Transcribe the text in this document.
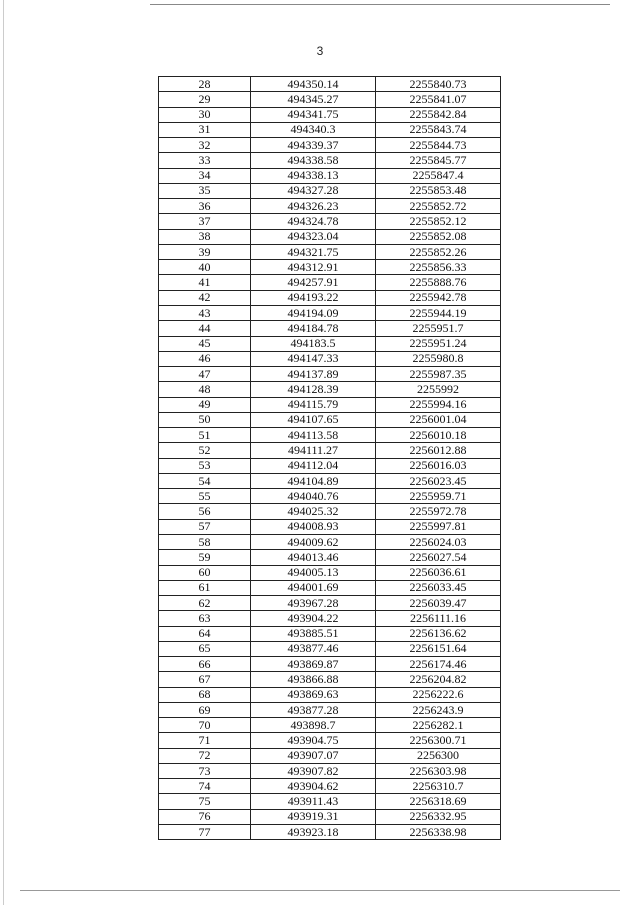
3
28	494350.14	2255840.73
29	494345.27	2255841.07
30	494341.75	2255842.84
31	494340.3	2255843.74
32	494339.37	2255844.73
33	494338.58	2255845.77
34	494338.13	2255847.4
35	494327.28	2255853.48
36	494326.23	2255852.72
37	494324.78	2255852.12
38	494323.04	2255852.08
39	494321.75	2255852.26
40	494312.91	2255856.33
41	494257.91	2255888.76
42	494193.22	2255942.78
43	494194.09	2255944.19
44	494184.78	2255951.7
45	494183.5	2255951.24
46	494147.33	2255980.8
47	494137.89	2255987.35
48	494128.39	2255992
49	494115.79	2255994.16
50	494107.65	2256001.04
51	494113.58	2256010.18
52	494111.27	2256012.88
53	494112.04	2256016.03
54	494104.89	2256023.45
55	494040.76	2255959.71
56	494025.32	2255972.78
57	494008.93	2255997.81
58	494009.62	2256024.03
59	494013.46	2256027.54
60	494005.13	2256036.61
61	494001.69	2256033.45
62	493967.28	2256039.47
63	493904.22	2256111.16
64	493885.51	2256136.62
65	493877.46	2256151.64
66	493869.87	2256174.46
67	493866.88	2256204.82
68	493869.63	2256222.6
69	493877.28	2256243.9
70	493898.7	2256282.1
71	493904.75	2256300.71
72	493907.07	2256300
73	493907.82	2256303.98
74	493904.62	2256310.7
75	493911.43	2256318.69
76	493919.31	2256332.95
77	493923.18	2256338.98
